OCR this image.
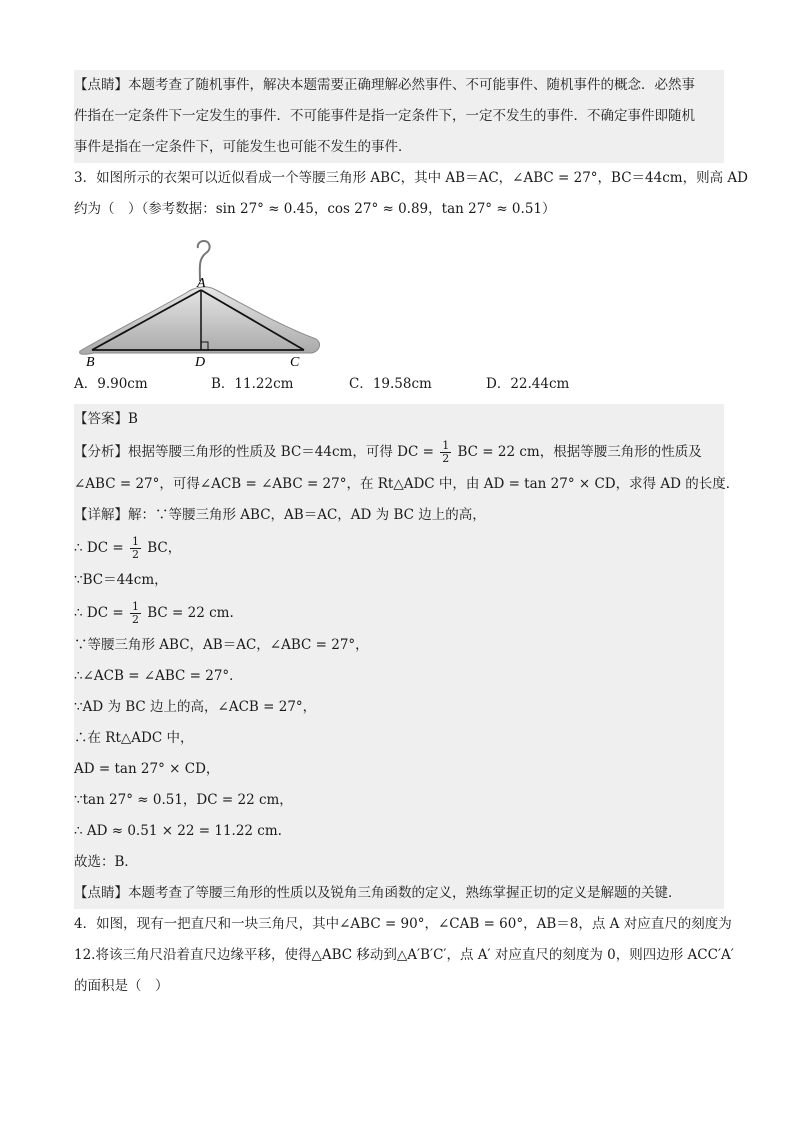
【点睛】本题考查了随机事件，解决本题需要正确理解必然事件、不可能事件、随机事件的概念．必然事
件指在一定条件下一定发生的事件．不可能事件是指一定条件下，一定不发生的事件．不确定事件即随机
事件是指在一定条件下，可能发生也可能不发生的事件．
3．如图所示的衣架可以近似看成一个等腰三角形 ABC，其中 AB＝AC，∠ABC = 27°，BC＝44cm，则高 AD
约为（　）（参考数据：sin 27° ≈ 0.45，cos 27° ≈ 0.89，tan 27° ≈ 0.51）
A
B	D	C
A．9.90cm	B．11.22cm	C．19.58cm	D．22.44cm
【答案】B
【分析】根据等腰三角形的性质及 BC＝44cm，可得 DC = $\frac{1}{2}$ BC = 22 cm，根据等腰三角形的性质及
∠ABC = 27°，可得∠ACB = ∠ABC = 27°，在 Rt△ADC 中，由 AD = tan 27° × CD，求得 AD 的长度．
【详解】解：∵等腰三角形 ABC，AB＝AC，AD 为 BC 边上的高，
∴ DC = $\frac{1}{2}$ BC，
∵BC＝44cm，
∴ DC = $\frac{1}{2}$ BC = 22 cm.
∵等腰三角形 ABC，AB＝AC，∠ABC = 27°，
∴∠ACB = ∠ABC = 27°．
∵AD 为 BC 边上的高，∠ACB = 27°，
∴在 Rt△ADC 中，
AD = tan 27° × CD，
∵tan 27° ≈ 0.51，DC = 22 cm，
∴ AD ≈ 0.51 × 22 = 11.22 cm.
故选：B．
【点睛】本题考查了等腰三角形的性质以及锐角三角函数的定义，熟练掌握正切的定义是解题的关键．
4．如图，现有一把直尺和一块三角尺，其中∠ABC = 90°，∠CAB = 60°，AB＝8，点 A 对应直尺的刻度为
12.将该三角尺沿着直尺边缘平移，使得△ABC 移动到△A′B′C′，点 A′ 对应直尺的刻度为 0，则四边形 ACC′A′
的面积是（　）
